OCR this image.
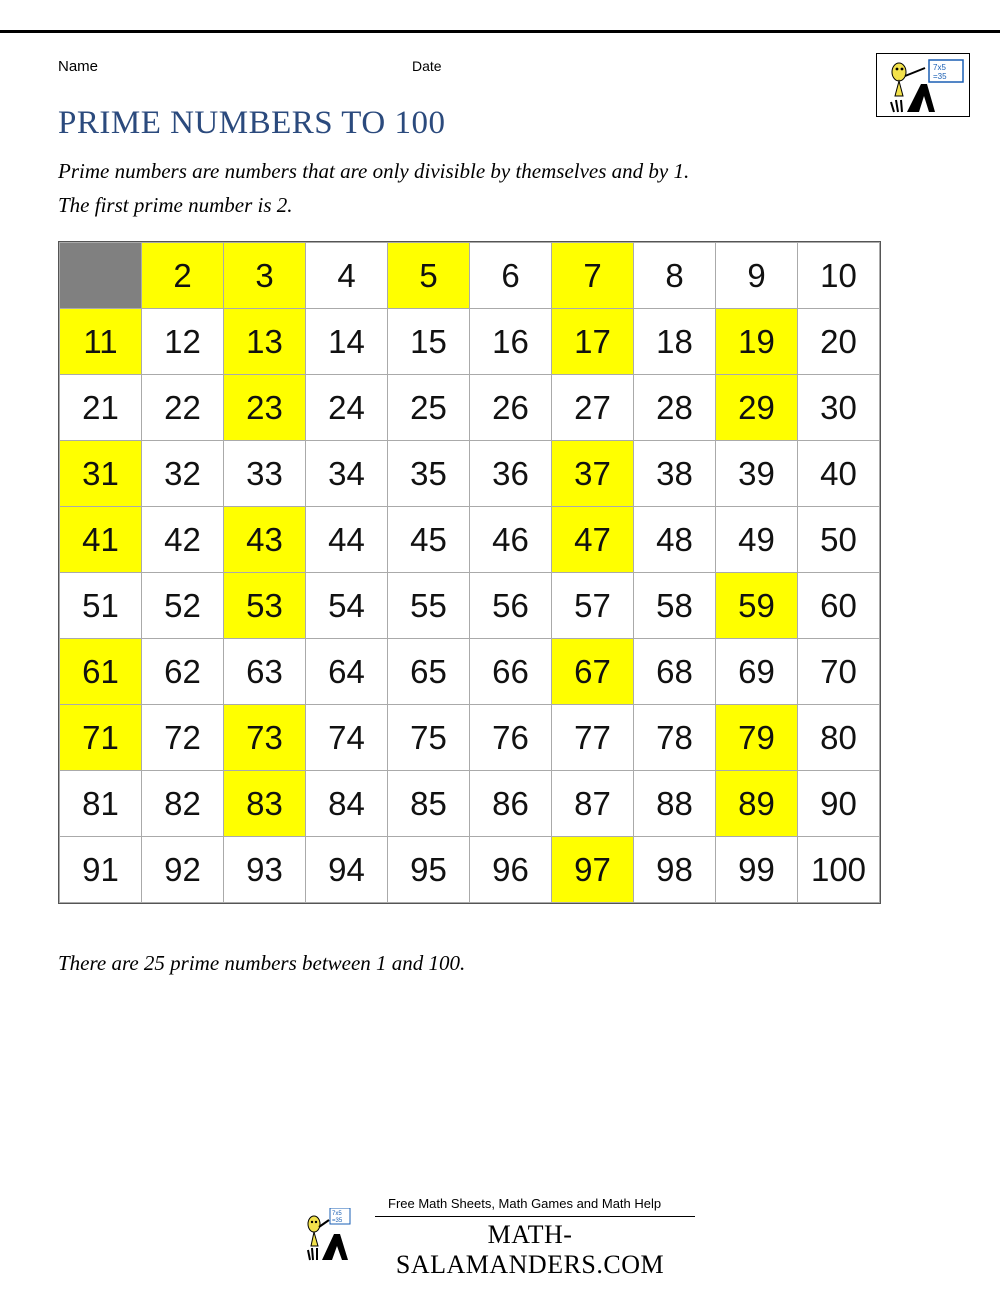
Name	Date	7x5
=35
PRIME NUMBERS TO 100
Prime numbers are numbers that are only divisible by themselves and by 1.
The first prime number is 2.
	2	3	4	5	6	7	8	9	10
11	12	13	14	15	16	17	18	19	20
21	22	23	24	25	26	27	28	29	30
31	32	33	34	35	36	37	38	39	40
41	42	43	44	45	46	47	48	49	50
51	52	53	54	55	56	57	58	59	60
61	62	63	64	65	66	67	68	69	70
71	72	73	74	75	76	77	78	79	80
81	82	83	84	85	86	87	88	89	90
91	92	93	94	95	96	97	98	99	100
There are 25 prime numbers between 1 and 100.
7x5
=35
Free Math Sheets, Math Games and Math Help
MATH-SALAMANDERS.COM
